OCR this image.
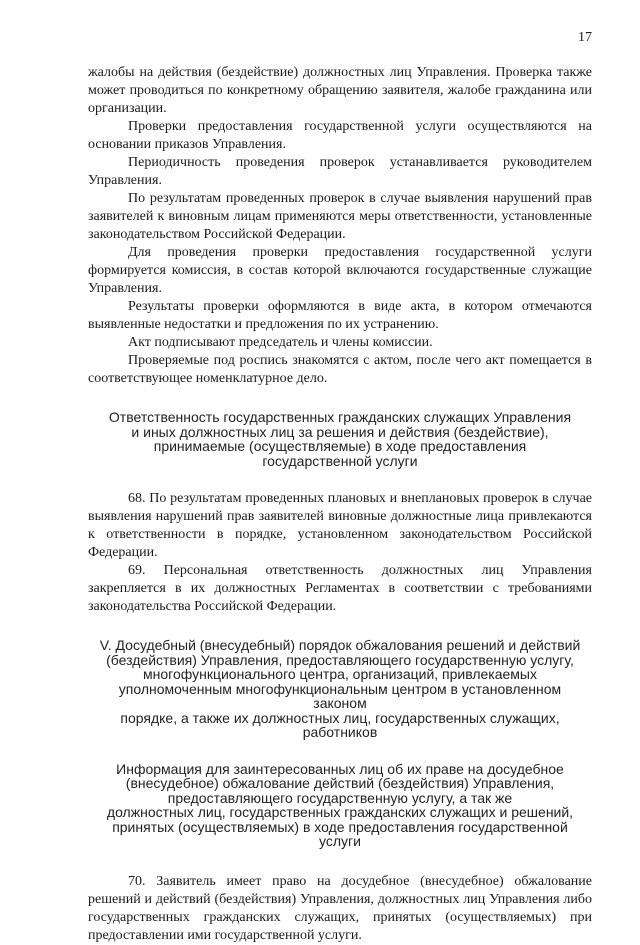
17

жалобы на действия (бездействие) должностных лиц Управления. Проверка также может проводиться по конкретному обращению заявителя, жалобе гражданина или организации.

Проверки предоставления государственной услуги осуществляются на основании приказов Управления.

Периодичность проведения проверок устанавливается руководителем Управления.

По результатам проведенных проверок в случае выявления нарушений прав заявителей к виновным лицам применяются меры ответственности, установленные законодательством Российской Федерации.

Для проведения проверки предоставления государственной услуги формируется комиссия, в состав которой включаются государственные служащие Управления.

Результаты проверки оформляются в виде акта, в котором отмечаются выявленные недостатки и предложения по их устранению.

Акт подписывают председатель и члены комиссии.

Проверяемые под роспись знакомятся с актом, после чего акт помещается в соответствующее номенклатурное дело.

Ответственность государственных гражданских служащих Управления
и иных должностных лиц за решения и действия (бездействие),
принимаемые (осуществляемые) в ходе предоставления
государственной услуги

68. По результатам проведенных плановых и внеплановых проверок в случае выявления нарушений прав заявителей виновные должностные лица привлекаются к ответственности в порядке, установленном законодательством Российской Федерации.

69. Персональная ответственность должностных лиц Управления закрепляется в их должностных Регламентах в соответствии с требованиями законодательства Российской Федерации.

V. Досудебный (внесудебный) порядок обжалования решений и действий
(бездействия) Управления, предоставляющего государственную услугу,
многофункционального центра, организаций, привлекаемых
уполномоченным многофункциональным центром в установленном законом
порядке, а также их должностных лиц, государственных служащих,
работников
Информация для заинтересованных лиц об их праве на досудебное
(внесудебное) обжалование действий (бездействия) Управления,
предоставляющего государственную услугу, а так же
должностных лиц, государственных гражданских служащих и решений,
принятых (осуществляемых) в ходе предоставления государственной услуги

70. Заявитель имеет право на досудебное (внесудебное) обжалование решений и действий (бездействия) Управления, должностных лиц Управления либо государственных гражданских служащих, принятых (осуществляемых) при предоставлении ими государственной услуги.
